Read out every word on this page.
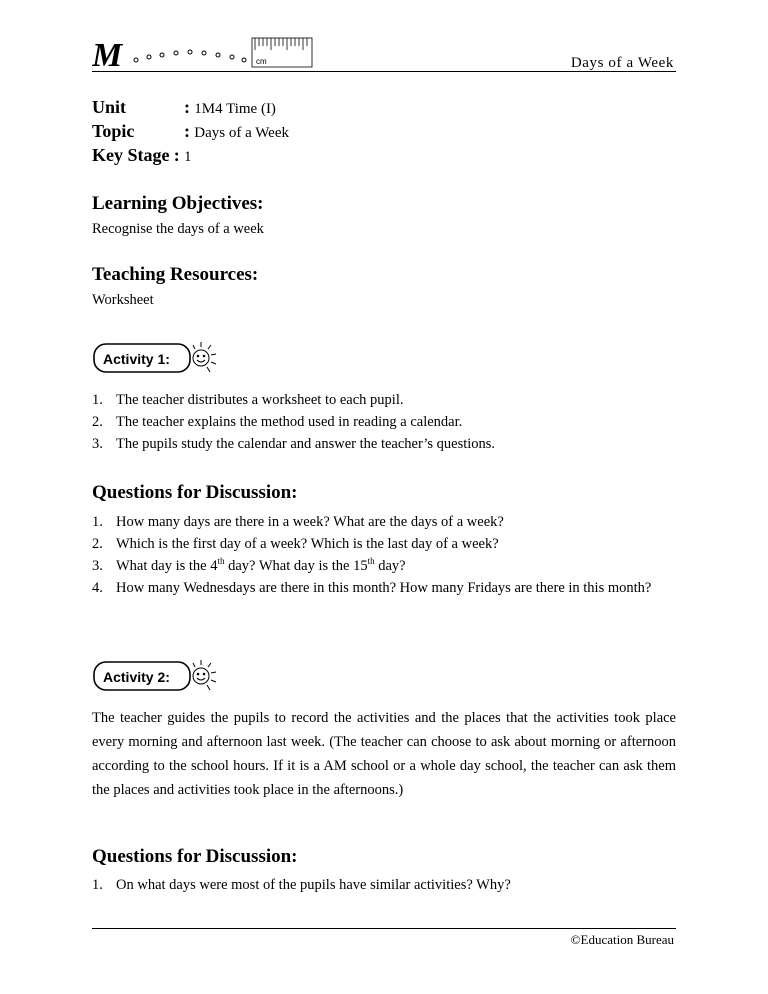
M	cm	Days of a Week
Unit	: 1M4 Time (I)
Topic	: Days of a Week
Key Stage : 1
Learning Objectives:
Recognise the days of a week
Teaching Resources:
Worksheet
Activity 1:
1. The teacher distributes a worksheet to each pupil.
2. The teacher explains the method used in reading a calendar.
3. The pupils study the calendar and answer the teacher’s questions.
Questions for Discussion:
1. How many days are there in a week? What are the days of a week?
2. Which is the first day of a week? Which is the last day of a week?
3. What day is the 4th day? What day is the 15th day?
4. How many Wednesdays are there in this month? How many Fridays are there in this month?
Activity 2:
The teacher guides the pupils to record the activities and the places that the activities took place every morning and afternoon last week. (The teacher can choose to ask about morning or afternoon according to the school hours. If it is a AM school or a whole day school, the teacher can ask them the places and activities took place in the afternoons.)
Questions for Discussion:
1. On what days were most of the pupils have similar activities? Why?
©Education Bureau
